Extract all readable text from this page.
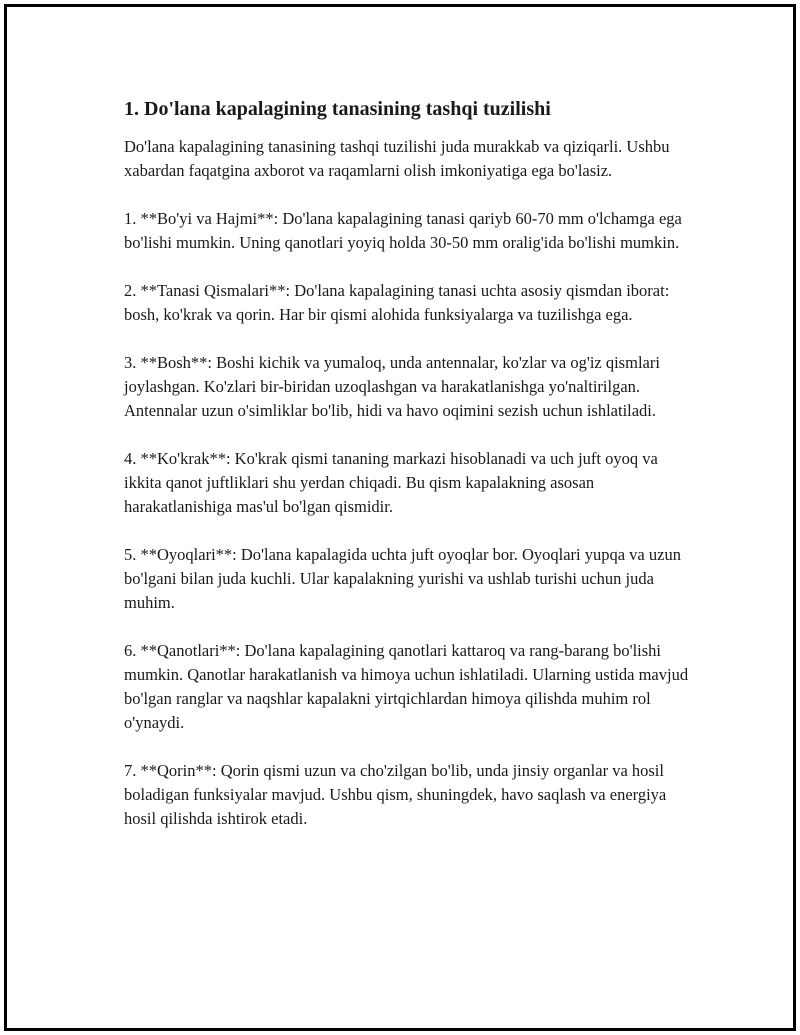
1. Do'lana kapalagining tanasining tashqi tuzilishi

Do'lana kapalagining tanasining tashqi tuzilishi juda murakkab va qiziqarli. Ushbu xabardan faqatgina axborot va raqamlarni olish imkoniyatiga ega bo'lasiz.

1. **Bo'yi va Hajmi**: Do'lana kapalagining tanasi qariyb 60-70 mm o'lchamga ega bo'lishi mumkin. Uning qanotlari yoyiq holda 30-50 mm oralig'ida bo'lishi mumkin.

2. **Tanasi Qismalari**: Do'lana kapalagining tanasi uchta asosiy qismdan iborat: bosh, ko'krak va qorin. Har bir qismi alohida funksiyalarga va tuzilishga ega.

3. **Bosh**: Boshi kichik va yumaloq, unda antennalar, ko'zlar va og'iz qismlari joylashgan. Ko'zlari bir-biridan uzoqlashgan va harakatlanishga yo'naltirilgan. Antennalar uzun o'simliklar bo'lib, hidi va havo oqimini sezish uchun ishlatiladi.

4. **Ko'krak**: Ko'krak qismi tananing markazi hisoblanadi va uch juft oyoq va ikkita qanot juftliklari shu yerdan chiqadi. Bu qism kapalakning asosan harakatlanishiga mas'ul bo'lgan qismidir.

5. **Oyoqlari**: Do'lana kapalagida uchta juft oyoqlar bor. Oyoqlari yupqa va uzun bo'lgani bilan juda kuchli. Ular kapalakning yurishi va ushlab turishi uchun juda muhim.

6. **Qanotlari**: Do'lana kapalagining qanotlari kattaroq va rang-barang bo'lishi mumkin. Qanotlar harakatlanish va himoya uchun ishlatiladi. Ularning ustida mavjud bo'lgan ranglar va naqshlar kapalakni yirtqichlardan himoya qilishda muhim rol o'ynaydi.

7. **Qorin**: Qorin qismi uzun va cho'zilgan bo'lib, unda jinsiy organlar va hosil boladigan funksiyalar mavjud. Ushbu qism, shuningdek, havo saqlash va energiya hosil qilishda ishtirok etadi.
